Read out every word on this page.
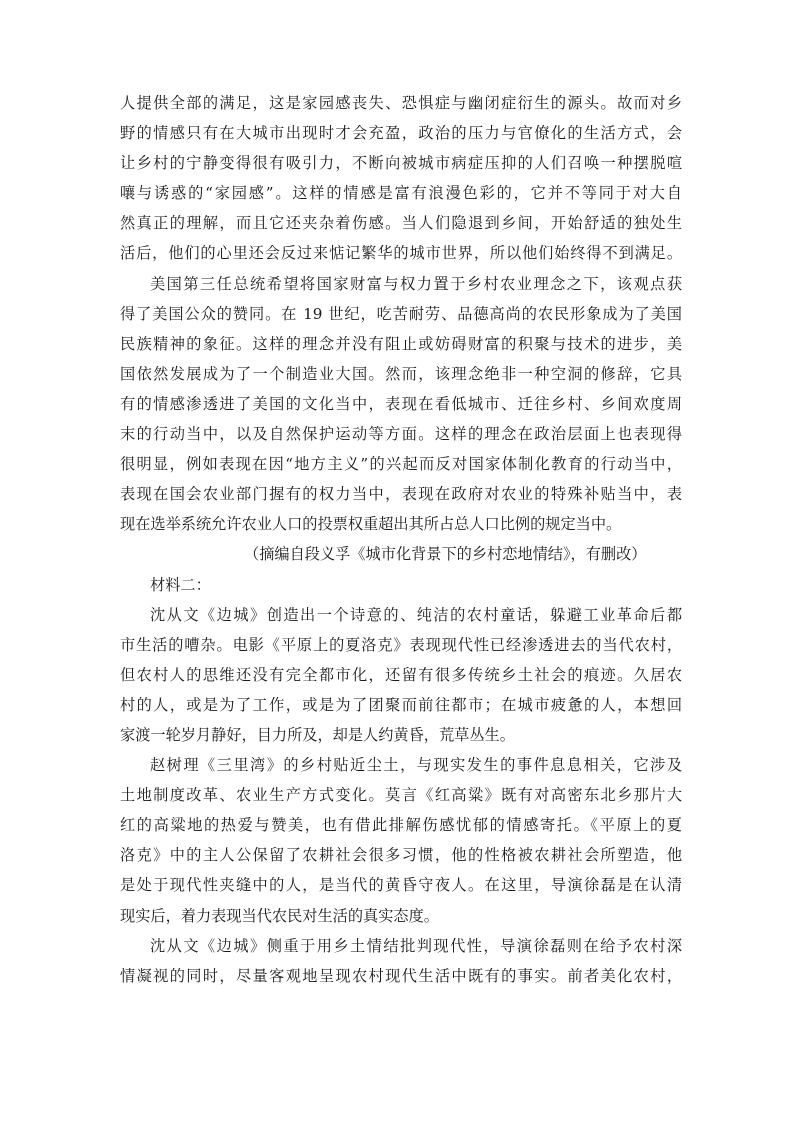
人提供全部的满足，这是家园感丧失、恐惧症与幽闭症衍生的源头。故而对乡
野的情感只有在大城市出现时才会充盈，政治的压力与官僚化的生活方式，会
让乡村的宁静变得很有吸引力，不断向被城市病症压抑的人们召唤一种摆脱喧
嚷与诱惑的“家园感”。这样的情感是富有浪漫色彩的，它并不等同于对大自
然真正的理解，而且它还夹杂着伤感。当人们隐退到乡间，开始舒适的独处生
活后，他们的心里还会反过来惦记繁华的城市世界，所以他们始终得不到满足。
美国第三任总统希望将国家财富与权力置于乡村农业理念之下，该观点获
得了美国公众的赞同。在 19 世纪，吃苦耐劳、品德高尚的农民形象成为了美国
民族精神的象征。这样的理念并没有阻止或妨碍财富的积聚与技术的进步，美
国依然发展成为了一个制造业大国。然而，该理念绝非一种空洞的修辞，它具
有的情感渗透进了美国的文化当中，表现在看低城市、迁往乡村、乡间欢度周
末的行动当中，以及自然保护运动等方面。这样的理念在政治层面上也表现得
很明显，例如表现在因“地方主义”的兴起而反对国家体制化教育的行动当中，
表现在国会农业部门握有的权力当中，表现在政府对农业的特殊补贴当中，表
现在选举系统允许农业人口的投票权重超出其所占总人口比例的规定当中。
（摘编自段义孚《城市化背景下的乡村恋地情结》，有删改）
材料二：
沈从文《边城》创造出一个诗意的、纯洁的农村童话，躲避工业革命后都
市生活的嘈杂。电影《平原上的夏洛克》表现现代性已经渗透进去的当代农村，
但农村人的思维还没有完全都市化，还留有很多传统乡土社会的痕迹。久居农
村的人，或是为了工作，或是为了团聚而前往都市；在城市疲惫的人，本想回
家渡一轮岁月静好，目力所及，却是人约黄昏，荒草丛生。
赵树理《三里湾》的乡村贴近尘土，与现实发生的事件息息相关，它涉及
土地制度改革、农业生产方式变化。莫言《红高粱》既有对高密东北乡那片大
红的高粱地的热爱与赞美，也有借此排解伤感忧郁的情感寄托。《平原上的夏
洛克》中的主人公保留了农耕社会很多习惯，他的性格被农耕社会所塑造，他
是处于现代性夹缝中的人，是当代的黄昏守夜人。在这里，导演徐磊是在认清
现实后，着力表现当代农民对生活的真实态度。
沈从文《边城》侧重于用乡土情结批判现代性，导演徐磊则在给予农村深
情凝视的同时，尽量客观地呈现农村现代生活中既有的事实。前者美化农村，
